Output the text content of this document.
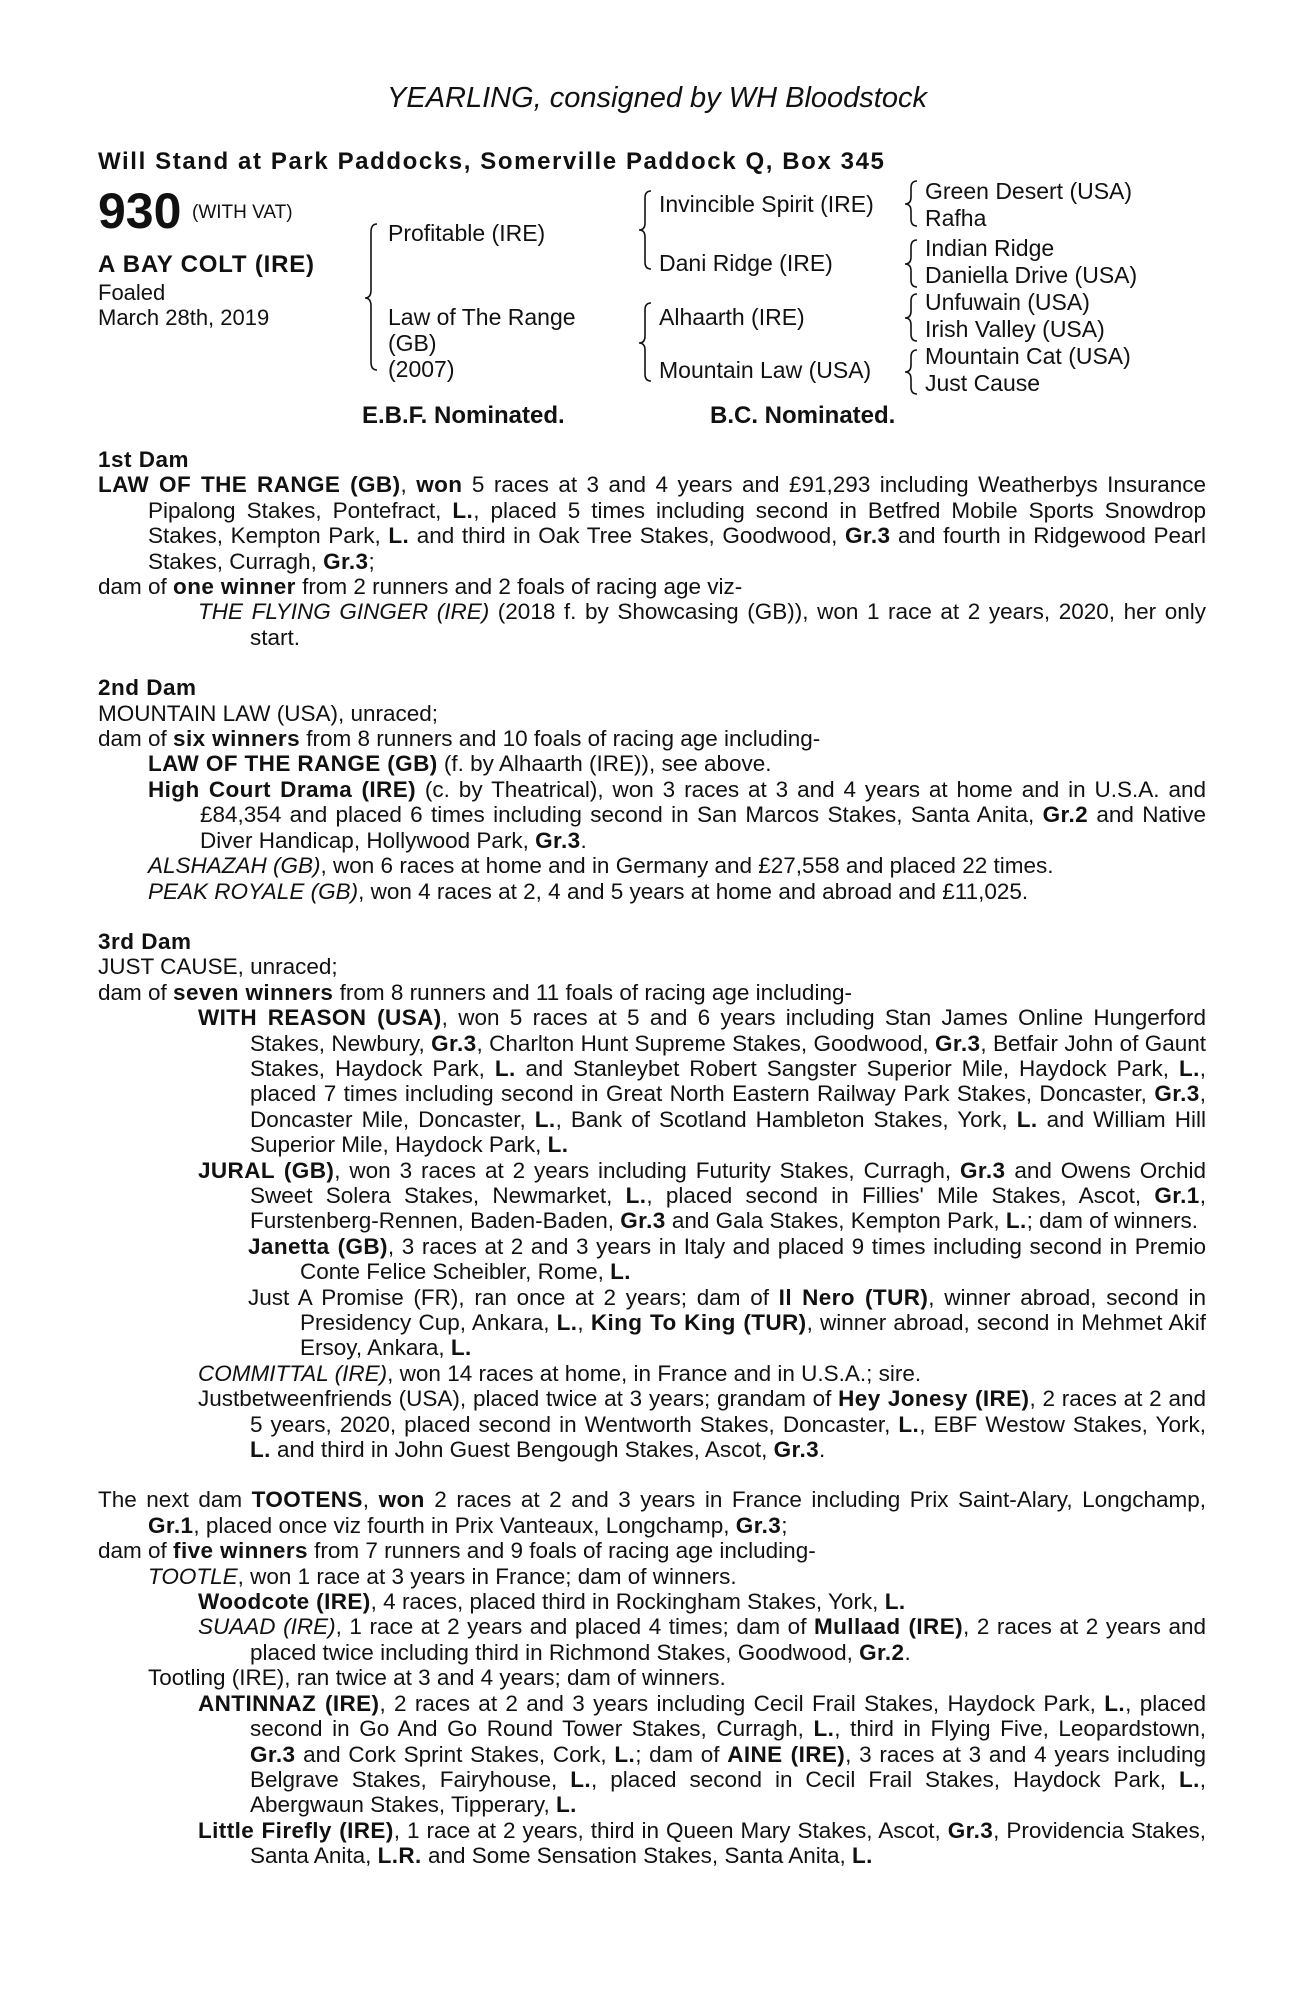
YEARLING, consigned by WH Bloodstock
Will Stand at Park Paddocks, Somerville Paddock Q, Box 345
930 (WITH VAT)
A BAY COLT (IRE)
Foaled
March 28th, 2019
Profitable (IRE)
Law of The Range
(GB)
(2007)
Invincible Spirit (IRE)
Dani Ridge (IRE)
Alhaarth (IRE)
Mountain Law (USA)
Green Desert (USA)
Rafha
Indian Ridge
Daniella Drive (USA)
Unfuwain (USA)
Irish Valley (USA)
Mountain Cat (USA)
Just Cause
E.B.F. Nominated.	B.C. Nominated.

1st Dam

LAW OF THE RANGE (GB), won 5 races at 3 and 4 years and £91,293 including Weatherbys Insurance Pipalong Stakes, Pontefract, L., placed 5 times including second in Betfred Mobile Sports Snowdrop Stakes, Kempton Park, L. and third in Oak Tree Stakes, Goodwood, Gr.3 and fourth in Ridgewood Pearl Stakes, Curragh, Gr.3;

dam of one winner from 2 runners and 2 foals of racing age viz-

THE FLYING GINGER (IRE) (2018 f. by Showcasing (GB)), won 1 race at 2 years, 2020, her only start.

2nd Dam

MOUNTAIN LAW (USA), unraced;

dam of six winners from 8 runners and 10 foals of racing age including-

LAW OF THE RANGE (GB) (f. by Alhaarth (IRE)), see above.

High Court Drama (IRE) (c. by Theatrical), won 3 races at 3 and 4 years at home and in U.S.A. and £84,354 and placed 6 times including second in San Marcos Stakes, Santa Anita, Gr.2 and Native Diver Handicap, Hollywood Park, Gr.3.

ALSHAZAH (GB), won 6 races at home and in Germany and £27,558 and placed 22 times.

PEAK ROYALE (GB), won 4 races at 2, 4 and 5 years at home and abroad and £11,025.

3rd Dam

JUST CAUSE, unraced;

dam of seven winners from 8 runners and 11 foals of racing age including-

WITH REASON (USA), won 5 races at 5 and 6 years including Stan James Online Hungerford Stakes, Newbury, Gr.3, Charlton Hunt Supreme Stakes, Goodwood, Gr.3, Betfair John of Gaunt Stakes, Haydock Park, L. and Stanleybet Robert Sangster Superior Mile, Haydock Park, L., placed 7 times including second in Great North Eastern Railway Park Stakes, Doncaster, Gr.3, Doncaster Mile, Doncaster, L., Bank of Scotland Hambleton Stakes, York, L. and William Hill Superior Mile, Haydock Park, L.

JURAL (GB), won 3 races at 2 years including Futurity Stakes, Curragh, Gr.3 and Owens Orchid Sweet Solera Stakes, Newmarket, L., placed second in Fillies' Mile Stakes, Ascot, Gr.1, Furstenberg-Rennen, Baden-Baden, Gr.3 and Gala Stakes, Kempton Park, L.; dam of winners.

Janetta (GB), 3 races at 2 and 3 years in Italy and placed 9 times including second in Premio Conte Felice Scheibler, Rome, L.

Just A Promise (FR), ran once at 2 years; dam of Il Nero (TUR), winner abroad, second in Presidency Cup, Ankara, L., King To King (TUR), winner abroad, second in Mehmet Akif Ersoy, Ankara, L.

COMMITTAL (IRE), won 14 races at home, in France and in U.S.A.; sire.

Justbetweenfriends (USA), placed twice at 3 years; grandam of Hey Jonesy (IRE), 2 races at 2 and 5 years, 2020, placed second in Wentworth Stakes, Doncaster, L., EBF Westow Stakes, York, L. and third in John Guest Bengough Stakes, Ascot, Gr.3.

The next dam TOOTENS, won 2 races at 2 and 3 years in France including Prix Saint-Alary, Longchamp, Gr.1, placed once viz fourth in Prix Vanteaux, Longchamp, Gr.3;

dam of five winners from 7 runners and 9 foals of racing age including-

TOOTLE, won 1 race at 3 years in France; dam of winners.

Woodcote (IRE), 4 races, placed third in Rockingham Stakes, York, L.

SUAAD (IRE), 1 race at 2 years and placed 4 times; dam of Mullaad (IRE), 2 races at 2 years and placed twice including third in Richmond Stakes, Goodwood, Gr.2.

Tootling (IRE), ran twice at 3 and 4 years; dam of winners.

ANTINNAZ (IRE), 2 races at 2 and 3 years including Cecil Frail Stakes, Haydock Park, L., placed second in Go And Go Round Tower Stakes, Curragh, L., third in Flying Five, Leopardstown, Gr.3 and Cork Sprint Stakes, Cork, L.; dam of AINE (IRE), 3 races at 3 and 4 years including Belgrave Stakes, Fairyhouse, L., placed second in Cecil Frail Stakes, Haydock Park, L., Abergwaun Stakes, Tipperary, L.

Little Firefly (IRE), 1 race at 2 years, third in Queen Mary Stakes, Ascot, Gr.3, Providencia Stakes, Santa Anita, L.R. and Some Sensation Stakes, Santa Anita, L.
